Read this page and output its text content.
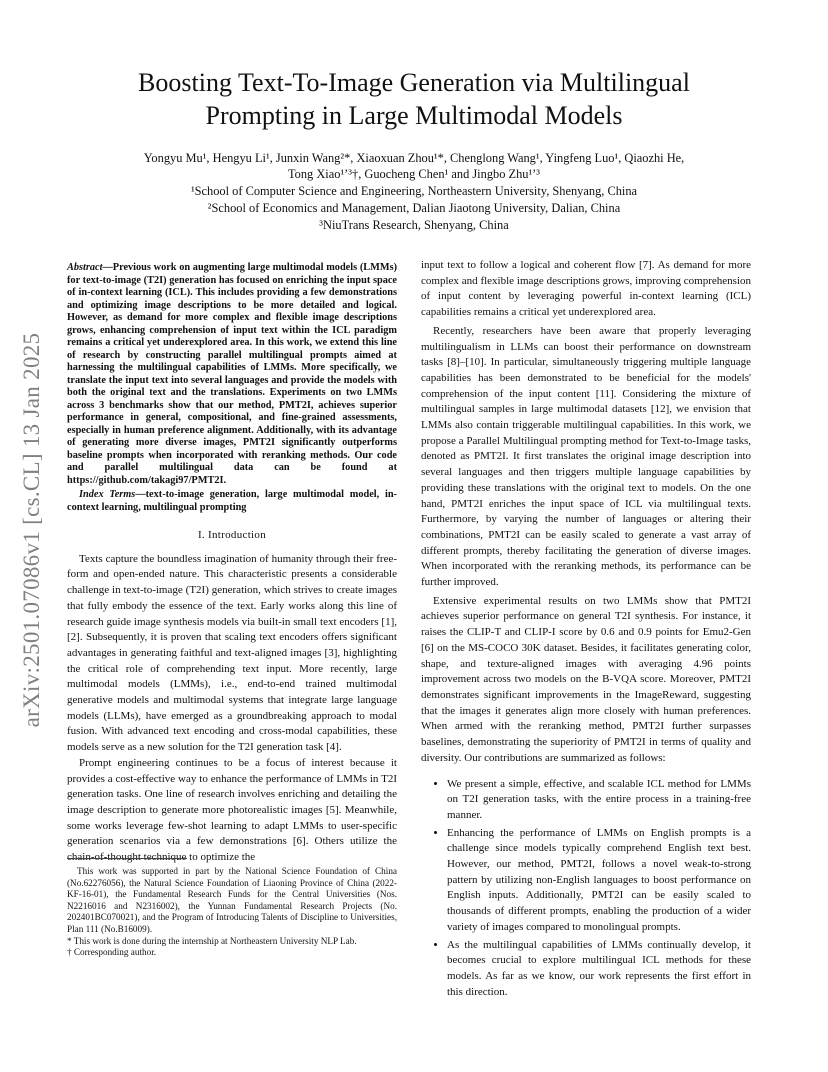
arXiv:2501.07086v1 [cs.CL] 13 Jan 2025
Boosting Text-To-Image Generation via Multilingual
Prompting in Large Multimodal Models
Yongyu Mu¹, Hengyu Li¹, Junxin Wang²*, Xiaoxuan Zhou¹*, Chenglong Wang¹, Yingfeng Luo¹, Qiaozhi He,
Tong Xiao¹ʼ³†, Guocheng Chen¹ and Jingbo Zhu¹ʼ³
¹School of Computer Science and Engineering, Northeastern University, Shenyang, China
²School of Economics and Management, Dalian Jiaotong University, Dalian, China
³NiuTrans Research, Shenyang, China

Abstract—Previous work on augmenting large multimodal models (LMMs) for text-to-image (T2I) generation has focused on enriching the input space of in-context learning (ICL). This includes providing a few demonstrations and optimizing image descriptions to be more detailed and logical. However, as demand for more complex and flexible image descriptions grows, enhancing comprehension of input text within the ICL paradigm remains a critical yet underexplored area. In this work, we extend this line of research by constructing parallel multilingual prompts aimed at harnessing the multilingual capabilities of LMMs. More specifically, we translate the input text into several languages and provide the models with both the original text and the translations. Experiments on two LMMs across 3 benchmarks show that our method, PMT2I, achieves superior performance in general, compositional, and fine-grained assessments, especially in human preference alignment. Additionally, with its advantage of generating more diverse images, PMT2I significantly outperforms baseline prompts when incorporated with reranking methods. Our code and parallel multilingual data can be found at https://github.com/takagi97/PMT2I.

Index Terms—text-to-image generation, large multimodal model, in-context learning, multilingual prompting

I. Introduction

Texts capture the boundless imagination of humanity through their free-form and open-ended nature. This characteristic presents a considerable challenge in text-to-image (T2I) generation, which strives to create images that fully embody the essence of the text. Early works along this line of research guide image synthesis models via built-in small text encoders [1], [2]. Subsequently, it is proven that scaling text encoders offers significant advantages in generating faithful and text-aligned images [3], highlighting the critical role of comprehending text input. More recently, large multimodal models (LMMs), i.e., end-to-end trained multimodal generative models and multimodal systems that integrate large language models (LLMs), have emerged as a groundbreaking approach to modal fusion. With advanced text encoding and cross-modal capabilities, these models serve as a new solution for the T2I generation task [4].

Prompt engineering continues to be a focus of interest because it provides a cost-effective way to enhance the performance of LMMs in T2I generation tasks. One line of research involves enriching and detailing the image description to generate more photorealistic images [5]. Meanwhile, some works leverage few-shot learning to adapt LMMs to user-specific generation scenarios via a few demonstrations [6]. Others utilize the chain-of-thought technique to optimize the

This work was supported in part by the National Science Foundation of China (No.62276056), the Natural Science Foundation of Liaoning Province of China (2022-KF-16-01), the Fundamental Research Funds for the Central Universities (Nos. N2216016 and N2316002), the Yunnan Fundamental Research Projects (No. 202401BC070021), and the Program of Introducing Talents of Discipline to Universities, Plan 111 (No.B16009).

* This work is done during the internship at Northeastern University NLP Lab.

† Corresponding author.

input text to follow a logical and coherent flow [7]. As demand for more complex and flexible image descriptions grows, improving comprehension of input content by leveraging powerful in-context learning (ICL) capabilities remains a critical yet underexplored area.

Recently, researchers have been aware that properly leveraging multilingualism in LLMs can boost their performance on downstream tasks [8]–[10]. In particular, simultaneously triggering multiple language capabilities has been demonstrated to be beneficial for the models' comprehension of the input content [11]. Considering the mixture of multilingual samples in large multimodal datasets [12], we envision that LMMs also contain triggerable multilingual capabilities. In this work, we propose a Parallel Multilingual prompting method for Text-to-Image tasks, denoted as PMT2I. It first translates the original image description into several languages and then triggers multiple language capabilities by providing these translations with the original text to models. On the one hand, PMT2I enriches the input space of ICL via multilingual texts. Furthermore, by varying the number of languages or altering their combinations, PMT2I can be easily scaled to generate a vast array of different prompts, thereby facilitating the generation of diverse images. When incorporated with the reranking methods, its performance can be further improved.

Extensive experimental results on two LMMs show that PMT2I achieves superior performance on general T2I synthesis. For instance, it raises the CLIP-T and CLIP-I score by 0.6 and 0.9 points for Emu2-Gen [6] on the MS-COCO 30K dataset. Besides, it facilitates generating color, shape, and texture-aligned images with averaging 4.96 points improvement across two models on the B-VQA score. Moreover, PMT2I demonstrates significant improvements in the ImageReward, suggesting that the images it generates align more closely with human preferences. When armed with the reranking method, PMT2I further surpasses baselines, demonstrating the superiority of PMT2I in terms of quality and diversity. Our contributions are summarized as follows:

• We present a simple, effective, and scalable ICL method for LMMs on T2I generation tasks, with the entire process in a training-free manner.
• Enhancing the performance of LMMs on English prompts is a challenge since models typically comprehend English text best. However, our method, PMT2I, follows a novel weak-to-strong pattern by utilizing non-English languages to boost performance on English inputs. Additionally, PMT2I can be easily scaled to thousands of different prompts, enabling the production of a wider variety of images compared to monolingual prompts.
• As the multilingual capabilities of LMMs continually develop, it becomes crucial to explore multilingual ICL methods for these models. As far as we know, our work represents the first effort in this direction.
